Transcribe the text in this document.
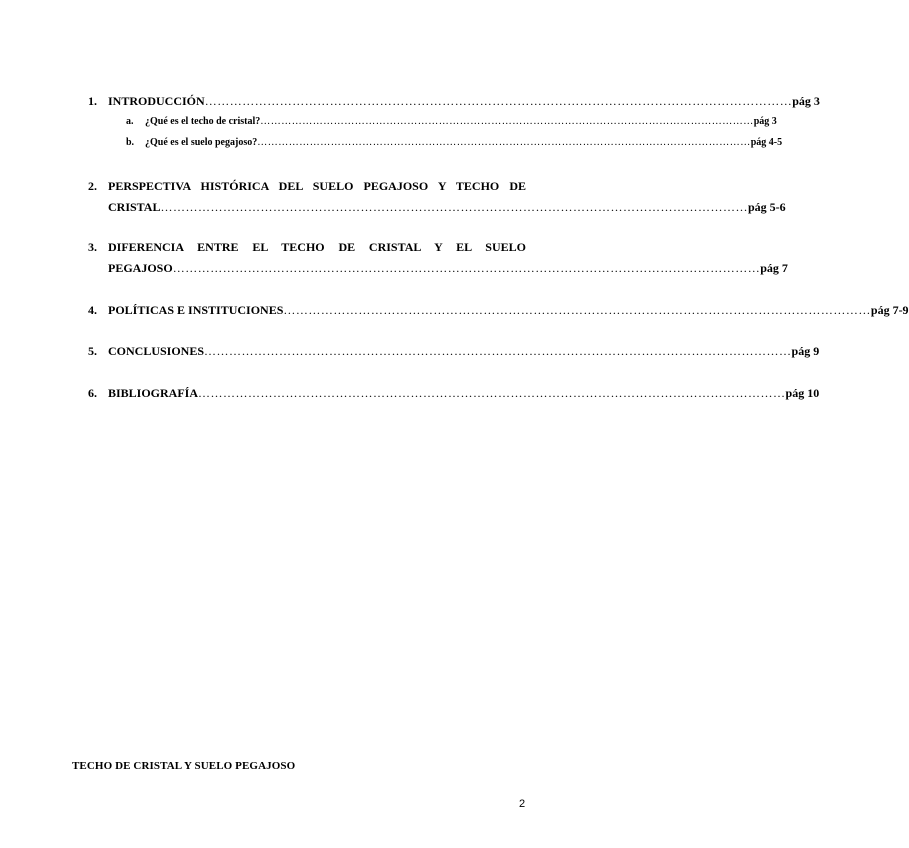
1. INTRODUCCIÓN …………………………………………………………………………………………………………………………… pág 3
a. ¿Qué es el techo de cristal? …………………………………………………………………………………………………………………………… pág 3
b. ¿Qué es el suelo pegajoso? …………………………………………………………………………………………………………………………… pág 4-5
2. PERSPECTIVA HISTÓRICA DEL SUELO PEGAJOSO Y TECHO DE
CRISTAL …………………………………………………………………………………………………………………………… pág 5-6
3. DIFERENCIA ENTRE EL TECHO DE CRISTAL Y EL SUELO
PEGAJOSO …………………………………………………………………………………………………………………………… pág 7
4. POLÍTICAS E INSTITUCIONES …………………………………………………………………………………………………………………………… pág 7-9
5. CONCLUSIONES …………………………………………………………………………………………………………………………… pág 9
6. BIBLIOGRAFÍA …………………………………………………………………………………………………………………………… pág 10
TECHO DE CRISTAL Y SUELO PEGAJOSO
2
